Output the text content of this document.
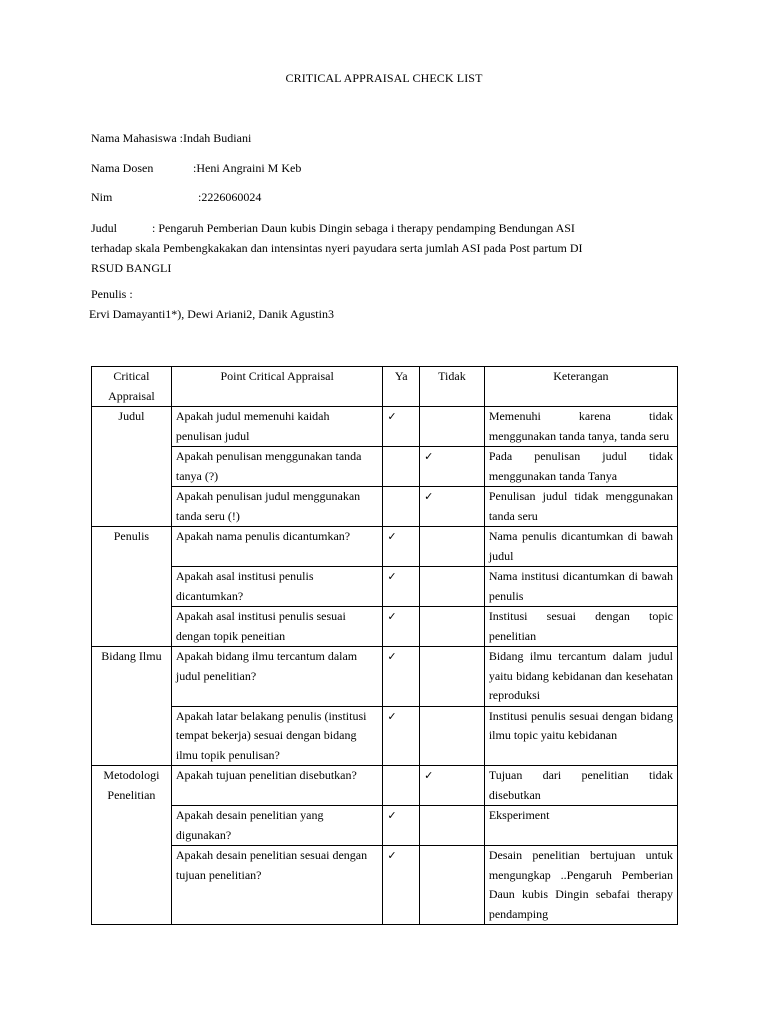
CRITICAL APPRAISAL CHECK LIST
Nama Mahasiswa :Indah Budiani
Nama Dosen	:Heni Angraini M Keb
Nim	:2226060024
Judul	: Pengaruh Pemberian Daun kubis Dingin sebaga i therapy pendamping Bendungan ASI
terhadap skala Pembengkakakan dan intensintas nyeri payudara serta jumlah ASI pada Post partum DI
RSUD BANGLI
Penulis :
Ervi Damayanti1*), Dewi Ariani2, Danik Agustin3
Critical Appraisal	Point Critical Appraisal	Ya	Tidak	Keterangan
Judul	Apakah judul memenuhi kaidah penulisan judul	✓		Memenuhi karena tidak menggunakan tanda tanya, tanda seru
	Apakah penulisan menggunakan tanda tanya (?)		✓	Pada penulisan judul tidak menggunakan tanda Tanya
	Apakah penulisan judul menggunakan tanda seru (!)		✓	Penulisan judul tidak menggunakan tanda seru
Penulis	Apakah nama penulis dicantumkan?	✓		Nama penulis dicantumkan di bawah judul
	Apakah asal institusi penulis dicantumkan?	✓		Nama institusi dicantumkan di bawah penulis
	Apakah asal institusi penulis sesuai dengan topik peneitian	✓		Institusi sesuai dengan topic penelitian
Bidang Ilmu	Apakah bidang ilmu tercantum dalam judul penelitian?	✓		Bidang ilmu tercantum dalam judul yaitu bidang kebidanan dan kesehatan reproduksi
	Apakah latar belakang penulis (institusi tempat bekerja) sesuai dengan bidang ilmu topik penulisan?	✓		Institusi penulis sesuai dengan bidang ilmu topic yaitu kebidanan
Metodologi Penelitian	Apakah tujuan penelitian disebutkan?		✓	Tujuan dari penelitian tidak disebutkan
	Apakah desain penelitian yang digunakan?	✓		Eksperiment
	Apakah desain penelitian sesuai dengan tujuan penelitian?	✓		Desain penelitian bertujuan untuk mengungkap ..Pengaruh Pemberian Daun kubis Dingin sebafai therapy pendamping
